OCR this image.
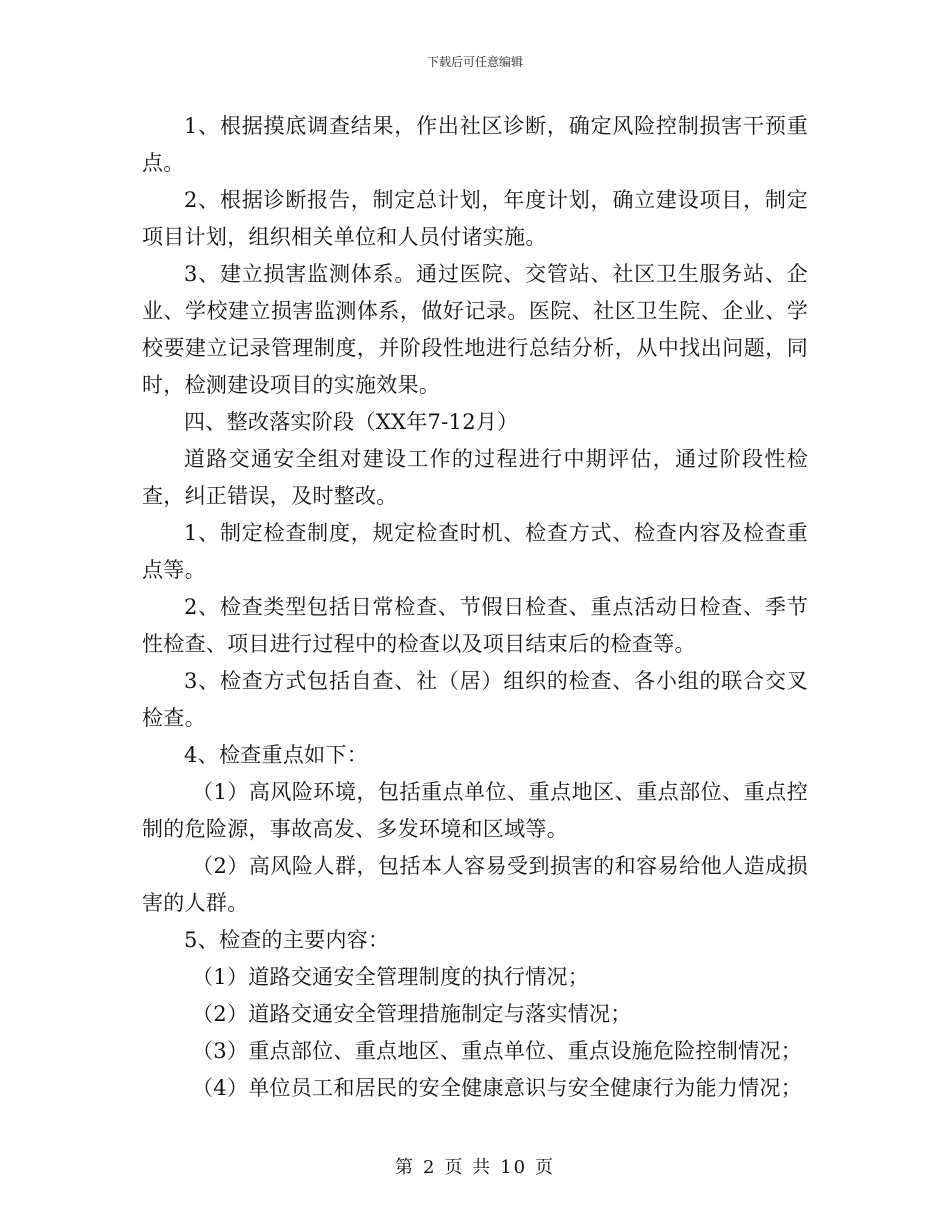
下载后可任意编辑

1、根据摸底调查结果，作出社区诊断，确定风险控制损害干预重点。

2、根据诊断报告，制定总计划，年度计划，确立建设项目，制定项目计划，组织相关单位和人员付诸实施。

3、建立损害监测体系。通过医院、交管站、社区卫生服务站、企业、学校建立损害监测体系，做好记录。医院、社区卫生院、企业、学校要建立记录管理制度，并阶段性地进行总结分析，从中找出问题，同时，检测建设项目的实施效果。

四、整改落实阶段（XX年7-12月）

道路交通安全组对建设工作的过程进行中期评估，通过阶段性检查，纠正错误，及时整改。

1、制定检查制度，规定检查时机、检查方式、检查内容及检查重点等。

2、检查类型包括日常检查、节假日检查、重点活动日检查、季节性检查、项目进行过程中的检查以及项目结束后的检查等。

3、检查方式包括自查、社（居）组织的检查、各小组的联合交叉检查。

4、检查重点如下：

（1）高风险环境，包括重点单位、重点地区、重点部位、重点控制的危险源，事故高发、多发环境和区域等。

（2）高风险人群，包括本人容易受到损害的和容易给他人造成损害的人群。

5、检查的主要内容：

（1）道路交通安全管理制度的执行情况；

（2）道路交通安全管理措施制定与落实情况；

（3）重点部位、重点地区、重点单位、重点设施危险控制情况；

（4）单位员工和居民的安全健康意识与安全健康行为能力情况；

第 2 页 共 10 页
